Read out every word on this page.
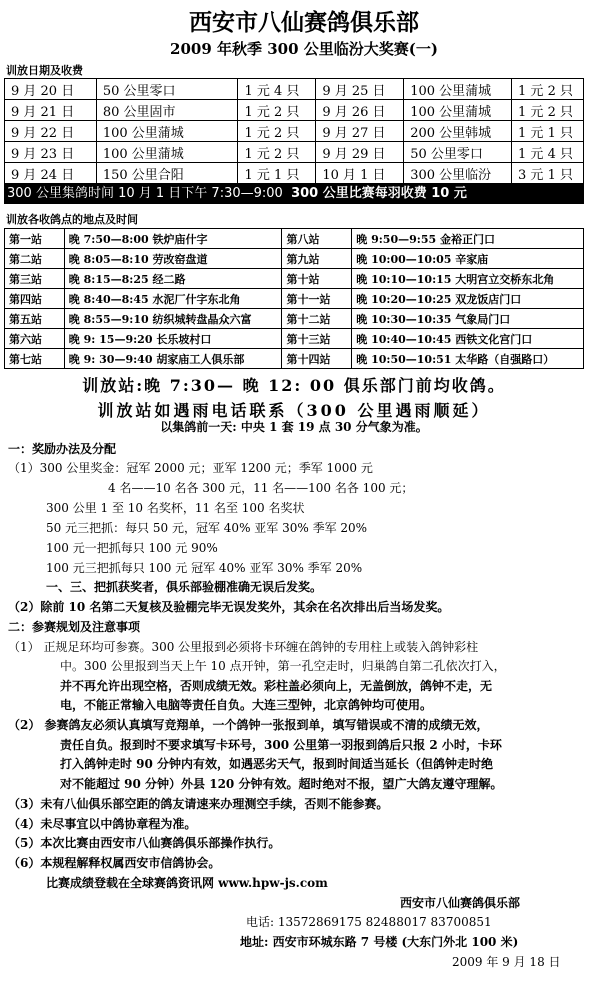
西安市八仙赛鸽俱乐部
2009 年秋季 300 公里临汾大奖赛(一)
训放日期及收费
9 月 20 日	50 公里零口	1 元 4 只	9 月 25 日	100 公里蒲城	1 元 2 只
9 月 21 日	80 公里固市	1 元 2 只	9 月 26 日	100 公里蒲城	1 元 2 只
9 月 22 日	100 公里蒲城	1 元 2 只	9 月 27 日	200 公里韩城	1 元 1 只
9 月 23 日	100 公里蒲城	1 元 2 只	9 月 29 日	50 公里零口	1 元 4 只
9 月 24 日	150 公里合阳	1 元 1 只	10 月 1 日	300 公里临汾	3 元 1 只
300 公里集鸽时间 10 月 1 日下午 7:30—9:00 300 公里比赛每羽收费 10 元
训放各收鸽点的地点及时间
第一站	晚 7:50—8:00 铁炉庙什字	第八站	晚 9:50—9:55 金裕正门口
第二站	晚 8:05—8:10 劳改窑盘道	第九站	晚 10:00—10:05 辛家庙
第三站	晚 8:15—8:25 经二路	第十站	晚 10:10—10:15 大明宫立交桥东北角
第四站	晚 8:40—8:45 水泥厂什字东北角	第十一站	晚 10:20—10:25 双龙饭店门口
第五站	晚 8:55—9:10 纺织城转盘晶众六富	第十二站	晚 10:30—10:35 气象局门口
第六站	晚 9: 15—9:20 长乐坡村口	第十三站	晚 10:40—10:45 西铁文化宫门口
第七站	晚 9: 30—9:40 胡家庙工人俱乐部	第十四站	晚 10:50—10:51 太华路（自强路口）
训放站:晚 7:30— 晚 12: 00 俱乐部门前均收鸽。
训放站如遇雨电话联系（300 公里遇雨顺延）
以集鸽前一天: 中央 1 套 19 点 30 分气象为准。
一：奖励办法及分配
（1）300 公里奖金：冠军 2000 元；亚军 1200 元；季军 1000 元
4 名——10 名各 300 元，11 名——100 名各 100 元；
300 公里 1 至 10 名奖杯，11 名至 100 名奖状
50 元三把抓：每只 50 元，冠军 40% 亚军 30% 季军 20%
100 元一把抓每只 100 元 90%
100 元三把抓每只 100 元 冠军 40% 亚军 30% 季军 20%
一、三、把抓获奖者，俱乐部验棚准确无误后发奖。
（2）除前 10 名第二天复核及验棚完毕无误发奖外，其余在名次排出后当场发奖。
二：参赛规划及注意事项
（1） 正规足环均可参赛。300 公里报到必须将卡环缠在鸽钟的专用柱上或装入鸽钟彩柱
中。300 公里报到当天上午 10 点开钟，第一孔空走时，归巢鸽自第二孔依次打入，
并不再允许出现空格，否则成绩无效。彩柱盖必须向上，无盖倒放，鸽钟不走，无
电，不能正常输入电脑等责任自负。大连三型钟，北京鸽钟均可使用。
（2） 参赛鸽友必须认真填写竞翔单，一个鸽钟一张报到单，填写错误或不清的成绩无效，
责任自负。报到时不要求填写卡环号，300 公里第一羽报到鸽后只报 2 小时，卡环
打入鸽钟走时 90 分钟内有效，如遇恶劣天气，报到时间适当延长（但鸽钟走时绝
对不能超过 90 分钟）外县 120 分钟有效。超时绝对不报，望广大鸽友遵守理解。
（3）未有八仙俱乐部空距的鸽友请速来办理测空手续，否则不能参赛。
（4）未尽事宜以中鸽协章程为准。
（5）本次比赛由西安市八仙赛鸽俱乐部操作执行。
（6）本规程解释权属西安市信鸽协会。
比赛成绩登载在全球赛鸽资讯网 www.hpw-js.com
西安市八仙赛鸽俱乐部
电话: 13572869175 82488017 83700851
地址: 西安市环城东路 7 号楼 (大东门外北 100 米)
2009 年 9 月 18 日
